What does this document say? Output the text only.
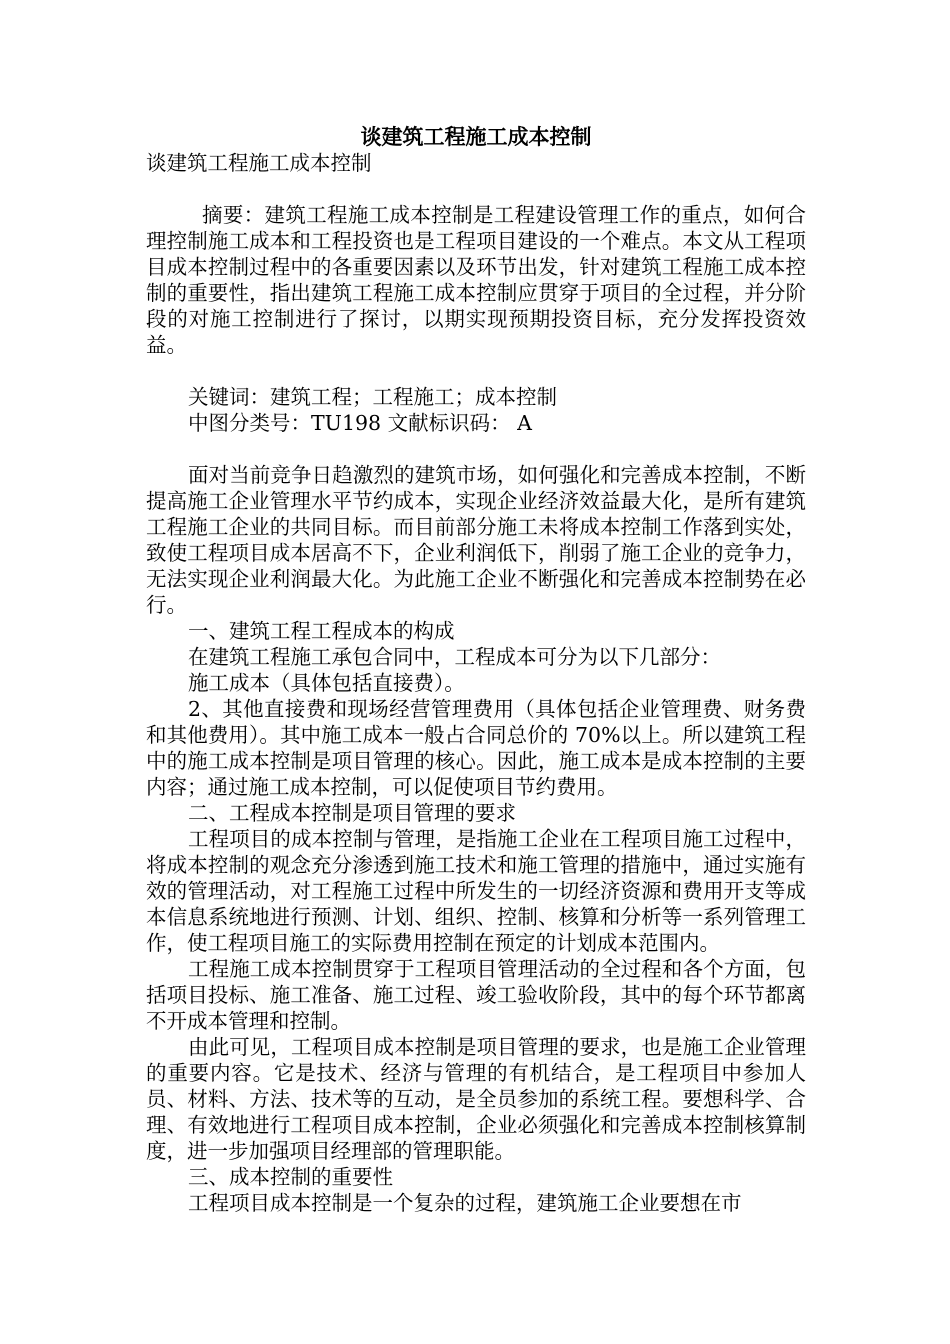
谈建筑工程施工成本控制

谈建筑工程施工成本控制

摘要：建筑工程施工成本控制是工程建设管理工作的重点，如何合理控制施工成本和工程投资也是工程项目建设的一个难点。本文从工程项目成本控制过程中的各重要因素以及环节出发，针对建筑工程施工成本控制的重要性，指出建筑工程施工成本控制应贯穿于项目的全过程，并分阶段的对施工控制进行了探讨，以期实现预期投资目标，充分发挥投资效益。

关键词：建筑工程；工程施工；成本控制

中图分类号：TU198 文献标识码： A

面对当前竞争日趋激烈的建筑市场，如何强化和完善成本控制，不断提高施工企业管理水平节约成本，实现企业经济效益最大化，是所有建筑工程施工企业的共同目标。而目前部分施工未将成本控制工作落到实处，致使工程项目成本居高不下，企业利润低下，削弱了施工企业的竞争力，无法实现企业利润最大化。为此施工企业不断强化和完善成本控制势在必行。

一、建筑工程工程成本的构成

在建筑工程施工承包合同中，工程成本可分为以下几部分：

施工成本（具体包括直接费）。

2、其他直接费和现场经营管理费用（具体包括企业管理费、财务费和其他费用）。其中施工成本一般占合同总价的 70%以上。所以建筑工程中的施工成本控制是项目管理的核心。因此，施工成本是成本控制的主要内容；通过施工成本控制，可以促使项目节约费用。

二、工程成本控制是项目管理的要求

工程项目的成本控制与管理，是指施工企业在工程项目施工过程中，将成本控制的观念充分渗透到施工技术和施工管理的措施中，通过实施有效的管理活动，对工程施工过程中所发生的一切经济资源和费用开支等成本信息系统地进行预测、计划、组织、控制、核算和分析等一系列管理工作，使工程项目施工的实际费用控制在预定的计划成本范围内。

工程施工成本控制贯穿于工程项目管理活动的全过程和各个方面，包括项目投标、施工准备、施工过程、竣工验收阶段，其中的每个环节都离不开成本管理和控制。

由此可见，工程项目成本控制是项目管理的要求，也是施工企业管理的重要内容。它是技术、经济与管理的有机结合，是工程项目中参加人员、材料、方法、技术等的互动，是全员参加的系统工程。要想科学、合理、有效地进行工程项目成本控制，企业必须强化和完善成本控制核算制度，进一步加强项目经理部的管理职能。

三、成本控制的重要性

工程项目成本控制是一个复杂的过程，建筑施工企业要想在市
